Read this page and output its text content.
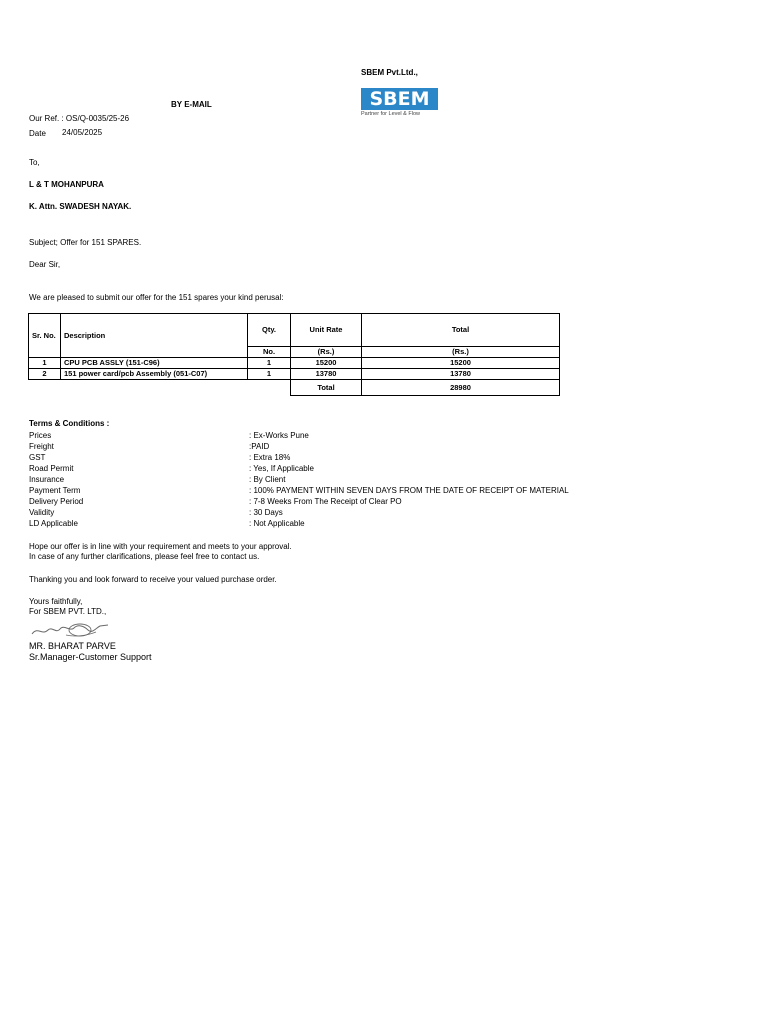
SBEM Pvt.Ltd.,
SBEM
Partner for Level & Flow
BY E-MAIL
Our Ref. : OS/Q-0035/25-26
Date 24/05/2025
To,
L & T MOHANPURA
K. Attn. SWADESH NAYAK.
Subject; Offer for 151 SPARES.
Dear Sir,
We are pleased to submit our offer for the 151 spares your kind perusal:
Sr. No.	Description	Qty.	Unit Rate	Total
		No.	(Rs.)	(Rs.)
1	CPU PCB ASSLY (151-C96)	1	15200	15200
2	151 power card/pcb Assembly (051-C07)	1	13780	13780
			Total	28980
Terms & Conditions :
Prices	: Ex-Works Pune
Freight	:PAID
GST	: Extra 18%
Road Permit	: Yes, If Applicable
Insurance	: By Client
Payment Term	: 100% PAYMENT WITHIN SEVEN DAYS FROM THE DATE OF RECEIPT OF MATERIAL
Delivery Period	: 7-8 Weeks From The Receipt of Clear PO
Validity	: 30 Days
LD Applicable	: Not Applicable
Hope our offer is in line with your requirement and meets to your approval.
In case of any further clarifications, please feel free to contact us.
Thanking you and look forward to receive your valued purchase order.
Yours faithfully,
For SBEM PVT. LTD.,
MR. BHARAT PARVE
Sr.Manager-Customer Support
